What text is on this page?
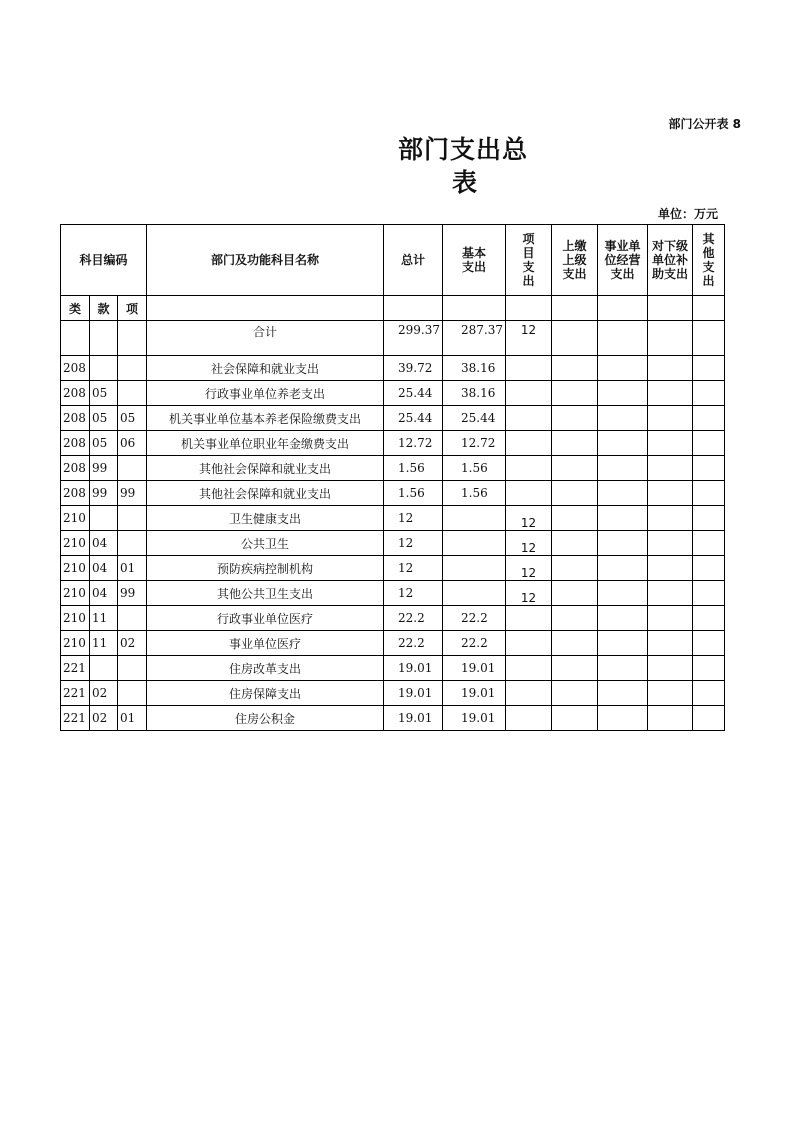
部门公开表 8
部门支出总
表
单位：万元
科目编码			部门及功能科目名称	总计	基本支出	项目支出	上缴上级支出	事业单位经营支出	对下级单位补助支出	其他支出
类	款	项								
			合计	299.37	287.37	12				
208			社会保障和就业支出	39.72	38.16					
208	05		行政事业单位养老支出	25.44	38.16					
208	05	05	机关事业单位基本养老保险缴费支出	25.44	25.44					
208	05	06	机关事业单位职业年金缴费支出	12.72	12.72					
208	99		其他社会保障和就业支出	1.56	1.56					
208	99	99	其他社会保障和就业支出	1.56	1.56					
210			卫生健康支出	12		12				
210	04		公共卫生	12		12				
210	04	01	预防疾病控制机构	12		12				
210	04	99	其他公共卫生支出	12		12				
210	11		行政事业单位医疗	22.2	22.2					
210	11	02	事业单位医疗	22.2	22.2					
221			住房改革支出	19.01	19.01					
221	02		住房保障支出	19.01	19.01					
221	02	01	住房公积金	19.01	19.01					
